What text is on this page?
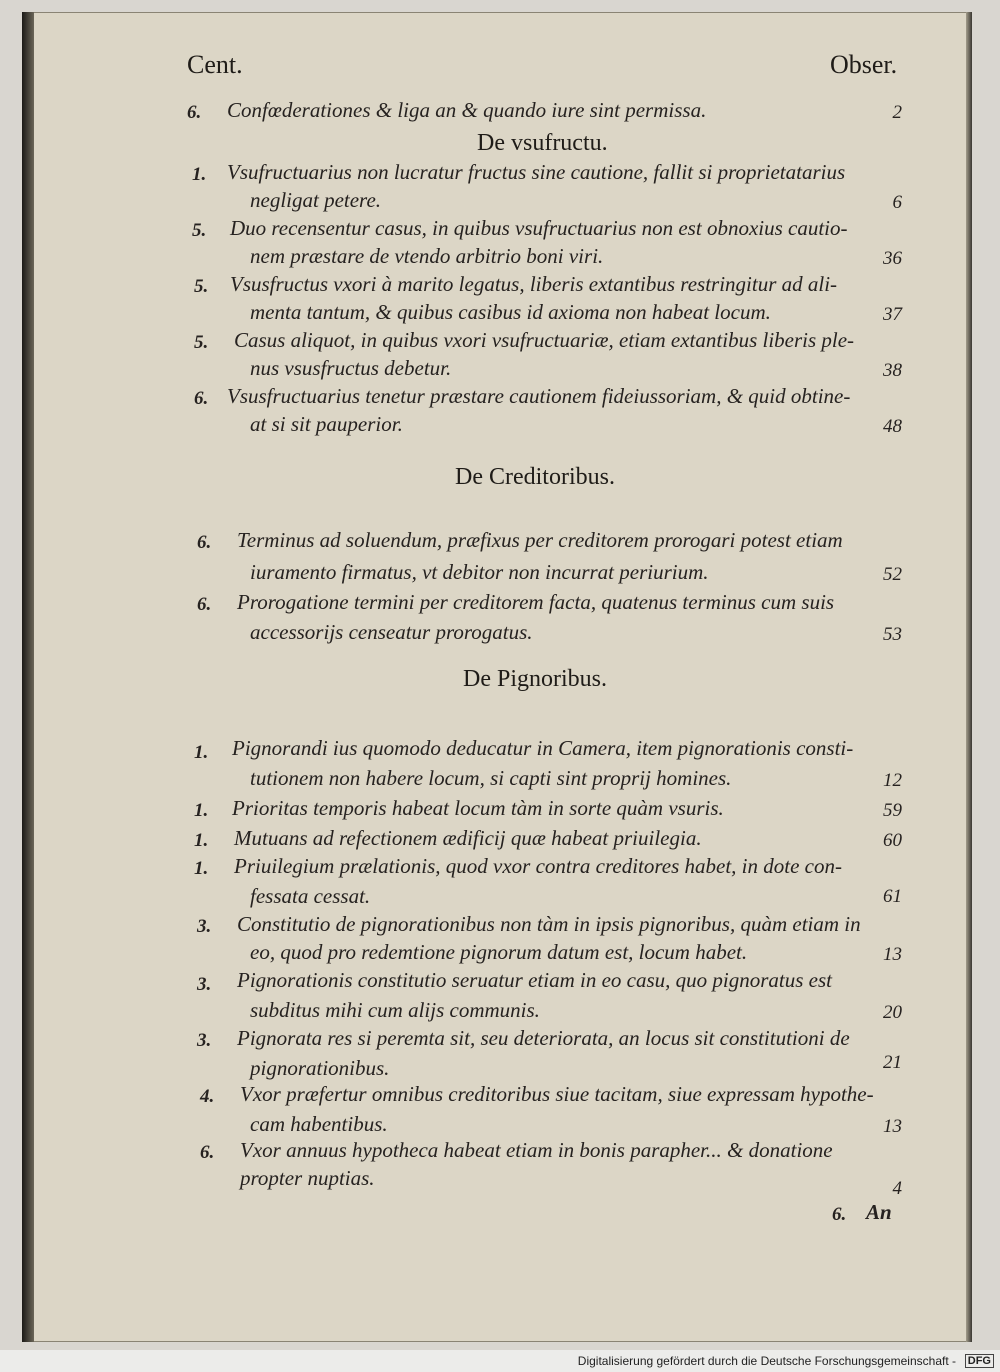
Cent.	Obser.
6. Confœderationes & liga an & quando iure sint permissa.	2
De vsufructu.
1. Vsufructuarius non lucratur fructus sine cautione, fallit si proprietatarius
negligat petere.	6
5. Duo recensentur casus, in quibus vsufructuarius non est obnoxius cautio-
nem præstare de vtendo arbitrio boni viri.	36
5. Vsusfructus vxori à marito legatus, liberis extantibus restringitur ad ali-
menta tantum, & quibus casibus id axioma non habeat locum.	37
5. Casus aliquot, in quibus vxori vsufructuariæ, etiam extantibus liberis ple-
nus vsusfructus debetur.	38
6. Vsusfructuarius tenetur præstare cautionem fideiussoriam, & quid obtine-
at si sit pauperior.	48
De Creditoribus.
6. Terminus ad soluendum, præfixus per creditorem prorogari potest etiam
iuramento firmatus, vt debitor non incurrat periurium.	52
6. Prorogatione termini per creditorem facta, quatenus terminus cum suis
accessorijs censeatur prorogatus.	53
De Pignoribus.
1. Pignorandi ius quomodo deducatur in Camera, item pignorationis consti-
tutionem non habere locum, si capti sint proprij homines.	12
1. Prioritas temporis habeat locum tàm in sorte quàm vsuris.	59
1. Mutuans ad refectionem ædificij quæ habeat priuilegia.	60
1. Priuilegium prælationis, quod vxor contra creditores habet, in dote con-
fessata cessat.	61
3. Constitutio de pignorationibus non tàm in ipsis pignoribus, quàm etiam in
eo, quod pro redemtione pignorum datum est, locum habet.	13
3. Pignorationis constitutio seruatur etiam in eo casu, quo pignoratus est
subditus mihi cum alijs communis.	20
3. Pignorata res si peremta sit, seu deteriorata, an locus sit constitutioni de
pignorationibus.	21
4. Vxor præfertur omnibus creditoribus siue tacitam, siue expressam hypothe-
cam habentibus.	13
6. Vxor annuus hypotheca habeat etiam in bonis parapher... & donatione
propter nuptias.	4
6. An
Digitalisierung gefördert durch die Deutsche Forschungsgemeinschaft - DFG
